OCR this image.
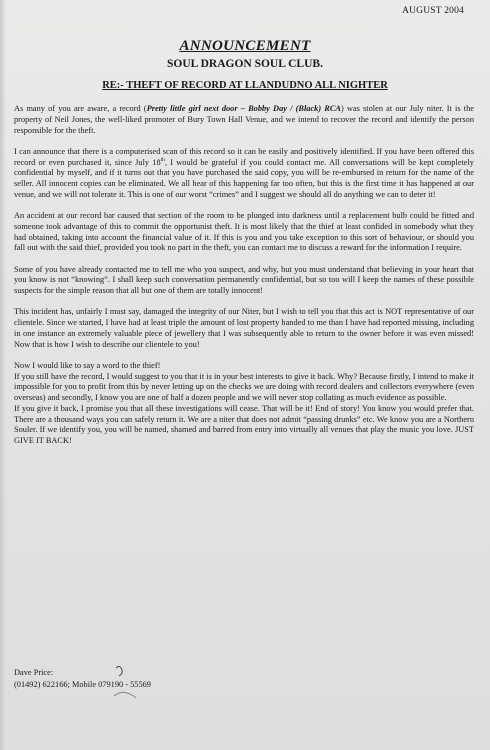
AUGUST 2004
ANNOUNCEMENT
SOUL DRAGON SOUL CLUB.
RE:- THEFT OF RECORD AT LLANDUDNO ALL NIGHTER

As many of you are aware, a record (Pretty little girl next door – Bobby Day / (Black) RCA) was stolen at our July niter. It is the property of Neil Jones, the well-liked promoter of Bury Town Hall Venue, and we intend to recover the record and identify the person responsible for the theft.

I can announce that there is a computerised scan of this record so it can be easily and positively identified. If you have been offered this record or even purchased it, since July 18th, I would be grateful if you could contact me. All conversations will be kept completely confidential by myself, and if it turns out that you have purchased the said copy, you will be re-embursed in return for the name of the seller. All innocent copies can be eliminated. We all hear of this happening far too often, but this is the first time it has happened at our venue, and we will not tolerate it. This is one of our worst “crimes” and I suggest we should all do anything we can to deter it!

An accident at our record bar caused that section of the room to be plunged into darkness until a replacement bulb could be fitted and someone took advantage of this to commit the opportunist theft. It is most likely that the thief at least confided in somebody what they had obtained, taking into account the financial value of it. If this is you and you take exception to this sort of behaviour, or should you fall out with the said thief, provided you took no part in the theft, you can contact me to discuss a reward for the information I require.

Some of you have already contacted me to tell me who you suspect, and why, but you must understand that believing in your heart that you know is not “knowing”. I shall keep such conversation permanently confidential, but so too will I keep the names of these possible suspects for the simple reason that all but one of them are totally innocent!

This incident has, unfairly I must say, damaged the integrity of our Niter, but I wish to tell you that this act is NOT representative of our clientele. Since we started, I have had at least triple the amount of lost property handed to me than I have had reported missing, including in one instance an extremely valuable piece of jewellery that I was subsequently able to return to the owner before it was even missed! Now that is how I wish to describe our clientele to you!

Now I would like to say a word to the thief!
If you still have the record, I would suggest to you that it is in your best interests to give it back. Why? Because firstly, I intend to make it impossible for you to profit from this by never letting up on the checks we are doing with record dealers and collectors everywhere (even overseas) and secondly, I know you are one of half a dozen people and we will never stop collating as much evidence as possible.

If you give it back, I promise you that all these investigations will cease. That will be it! End of story! You know you would prefer that. There are a thousand ways you can safely return it. We are a niter that does not admit “passing drunks” etc. We know you are a Northern Souler. If we identify you, you will be named, shamed and barred from entry into virtually all venues that play the music you love. JUST GIVE IT BACK!

Dave Price:
(01492) 622166; Mobile 079190 - 55569
